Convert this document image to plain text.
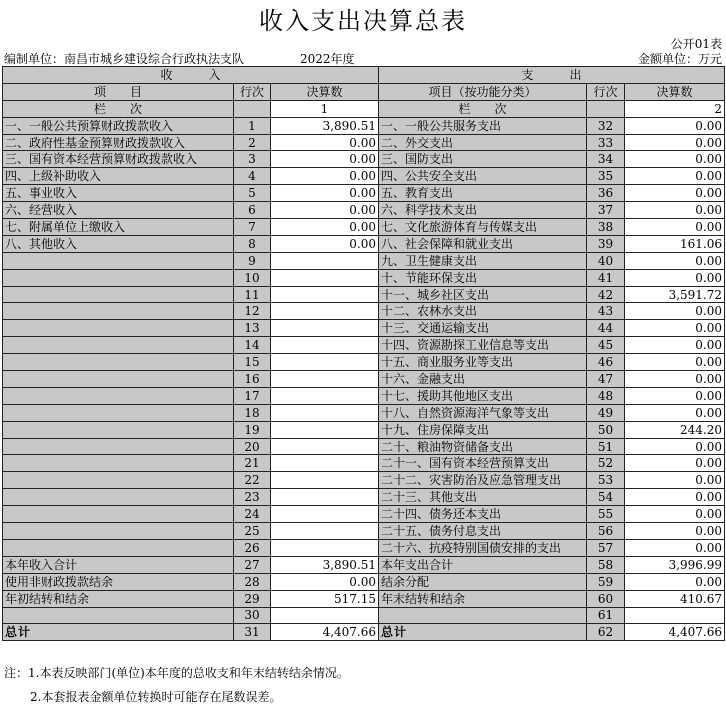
收入支出决算总表
公开01表
编制单位：南昌市城乡建设综合行政执法支队	2022年度	金额单位：万元
收　　　入			支　　　出		
项　　目	行次	决算数	项目（按功能分类）	行次	决算数
栏　　次		1	栏　　次		2
一、一般公共预算财政拨款收入	1	3,890.51	一、一般公共服务支出	32	0.00
二、政府性基金预算财政拨款收入	2	0.00	二、外交支出	33	0.00
三、国有资本经营预算财政拨款收入	3	0.00	三、国防支出	34	0.00
四、上级补助收入	4	0.00	四、公共安全支出	35	0.00
五、事业收入	5	0.00	五、教育支出	36	0.00
六、经营收入	6	0.00	六、科学技术支出	37	0.00
七、附属单位上缴收入	7	0.00	七、文化旅游体育与传媒支出	38	0.00
八、其他收入	8	0.00	八、社会保障和就业支出	39	161.06
	9		九、卫生健康支出	40	0.00
	10		十、节能环保支出	41	0.00
	11		十一、城乡社区支出	42	3,591.72
	12		十二、农林水支出	43	0.00
	13		十三、交通运输支出	44	0.00
	14		十四、资源勘探工业信息等支出	45	0.00
	15		十五、商业服务业等支出	46	0.00
	16		十六、金融支出	47	0.00
	17		十七、援助其他地区支出	48	0.00
	18		十八、自然资源海洋气象等支出	49	0.00
	19		十九、住房保障支出	50	244.20
	20		二十、粮油物资储备支出	51	0.00
	21		二十一、国有资本经营预算支出	52	0.00
	22		二十二、灾害防治及应急管理支出	53	0.00
	23		二十三、其他支出	54	0.00
	24		二十四、债务还本支出	55	0.00
	25		二十五、债务付息支出	56	0.00
	26		二十六、抗疫特别国债安排的支出	57	0.00
本年收入合计	27	3,890.51	本年支出合计	58	3,996.99
使用非财政拨款结余	28	0.00	结余分配	59	0.00
年初结转和结余	29	517.15	年末结转和结余	60	410.67
	30			61	
总计	31	4,407.66	总计	62	4,407.66
注：1.本表反映部门(单位)本年度的总收支和年末结转结余情况。
2.本套报表金额单位转换时可能存在尾数误差。
